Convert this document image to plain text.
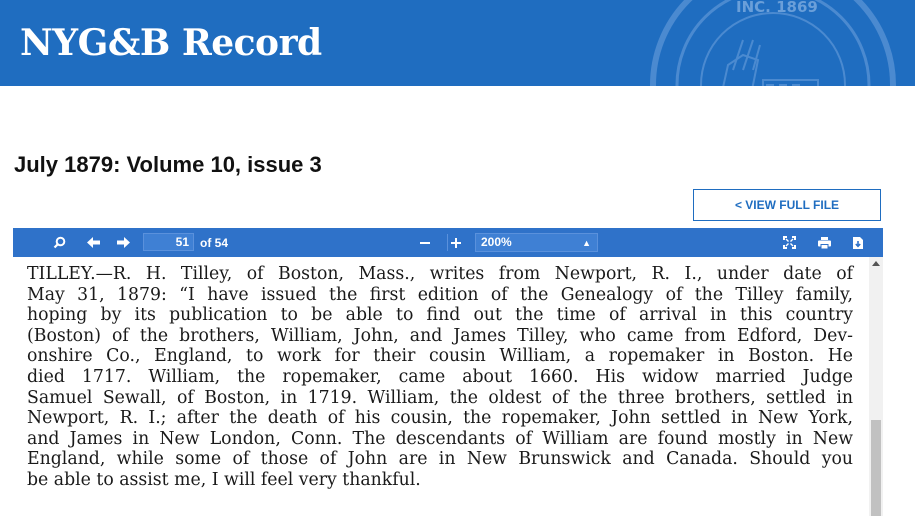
NYG&B Record
INC. 1869
July 1879: Volume 10, issue 3
< VIEW FULL FILE
51 of 54	200%	▲

TILLEY.—R. H. Tilley, of Boston, Mass., writes from Newport, R. I., under date of
May 31, 1879: “I have issued the first edition of the Genealogy of the Tilley family,
hoping by its publication to be able to find out the time of arrival in this country
(Boston) of the brothers, William, John, and James Tilley, who came from Edford, Dev-
onshire Co., England, to work for their cousin William, a ropemaker in Boston. He
died 1717. William, the ropemaker, came about 1660. His widow married Judge
Samuel Sewall, of Boston, in 1719. William, the oldest of the three brothers, settled in
Newport, R. I.; after the death of his cousin, the ropemaker, John settled in New York,
and James in New London, Conn. The descendants of William are found mostly in New
England, while some of those of John are in New Brunswick and Canada. Should you
be able to assist me, I will feel very thankful.
